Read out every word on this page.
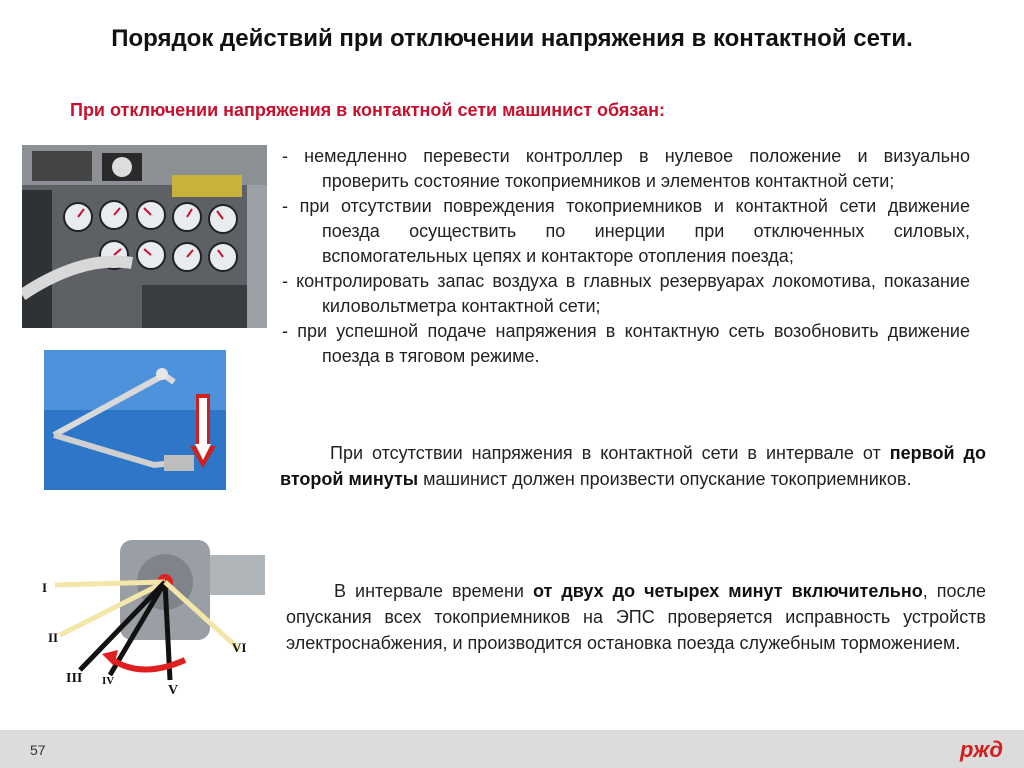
Порядок действий при отключении напряжения в контактной сети.
При отключении напряжения в контактной сети машинист обязан:
I
II
III IV
V
VI

- немедленно перевести контроллер в нулевое положение и визуально проверить состояние токоприемников и элементов контактной сети;

- при отсутствии повреждения токоприемников и контактной сети движение поезда осуществить по инерции при отключенных силовых, вспомогательных цепях и контакторе отопления поезда;

- контролировать запас воздуха в главных резервуарах локомотива, показание киловольтметра контактной сети;

- при успешной подаче напряжения в контактную сеть возобновить движение поезда в тяговом режиме.

При отсутствии напряжения в контактной сети в интервале от первой до второй минуты машинист должен произвести опускание токоприемников.
В интервале времени от двух до четырех минут включительно, после опускания всех токоприемников на ЭПС проверяется исправность устройств электроснабжения, и производится остановка поезда служебным торможением.
57	ржд
